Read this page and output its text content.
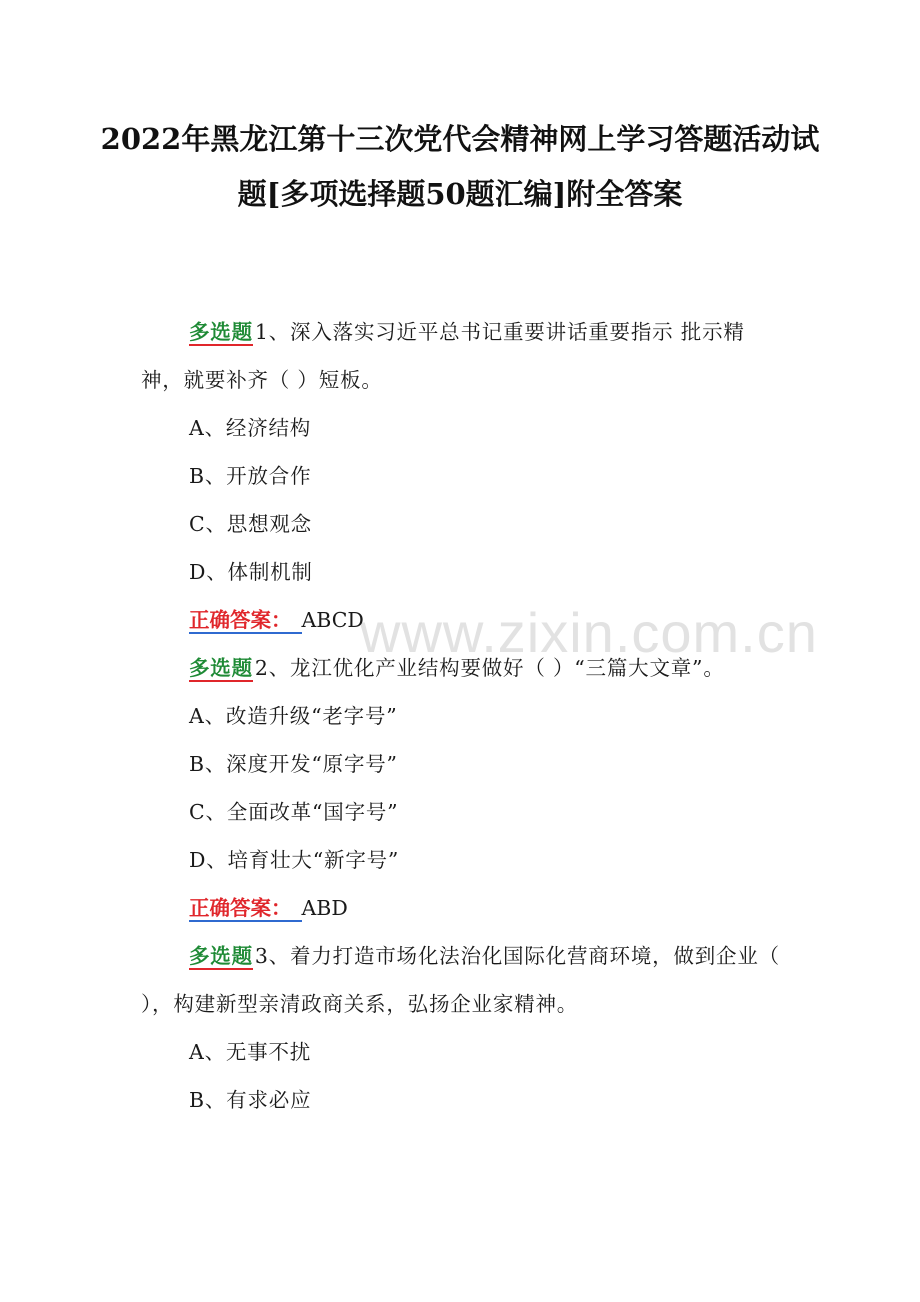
2022年黑龙江第十三次党代会精神网上学习答题活动试题[多项选择题50题汇编]附全答案
www.zixin.com.cn

多选题1、深入落实习近平总书记重要讲话重要指示 批示精神，就要补齐（ ）短板。

A、经济结构

B、开放合作

C、思想观念

D、体制机制

正确答案： ABCD

多选题2、龙江优化产业结构要做好（ ）“三篇大文章”。

A、改造升级“老字号”

B、深度开发“原字号”

C、全面改革“国字号”

D、培育壮大“新字号”

正确答案： ABD

多选题3、着力打造市场化法治化国际化营商环境，做到企业（ ），构建新型亲清政商关系，弘扬企业家精神。

A、无事不扰

B、有求必应
